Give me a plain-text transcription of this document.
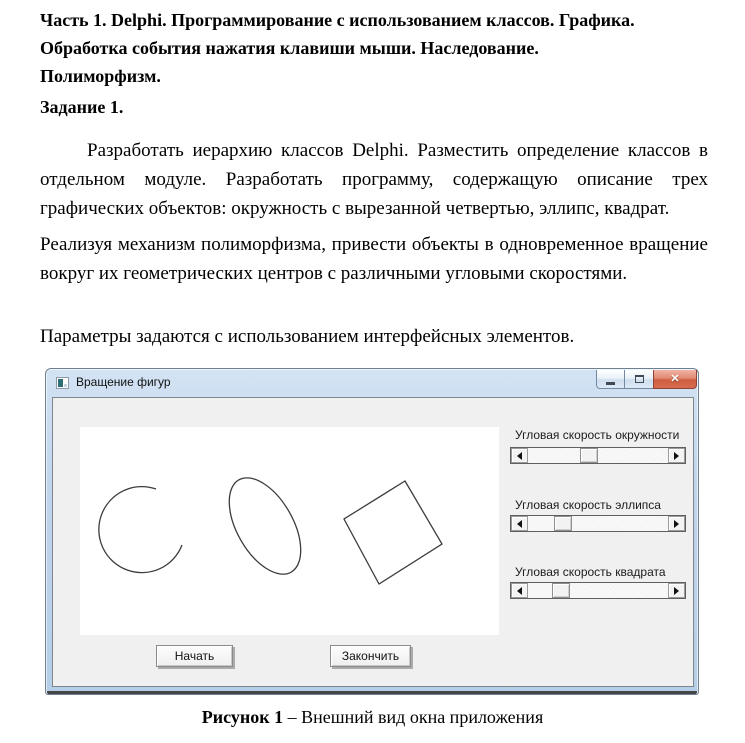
Часть 1. Delphi. Программирование с использованием классов. Графика.
Обработка события нажатия клавиши мыши. Наследование.
Полиморфизм.
Задание 1.

Разработать иерархию классов Delphi. Разместить определение классов в отдельном модуле. Разработать программу, содержащую описание трех графических объектов: окружность с вырезанной четвертью, эллипс, квадрат.

Реализуя механизм полиморфизма, привести объекты в одновременное вращение вокруг их геометрических центров с различными угловыми скоростями.

Параметры задаются с использованием интерфейсных элементов.

Вращение фигур	✕
Угловая скорость окружности
Угловая скорость эллипса
Угловая скорость квадрата
Начать	Закончить
Рисунок 1 – Внешний вид окна приложения
